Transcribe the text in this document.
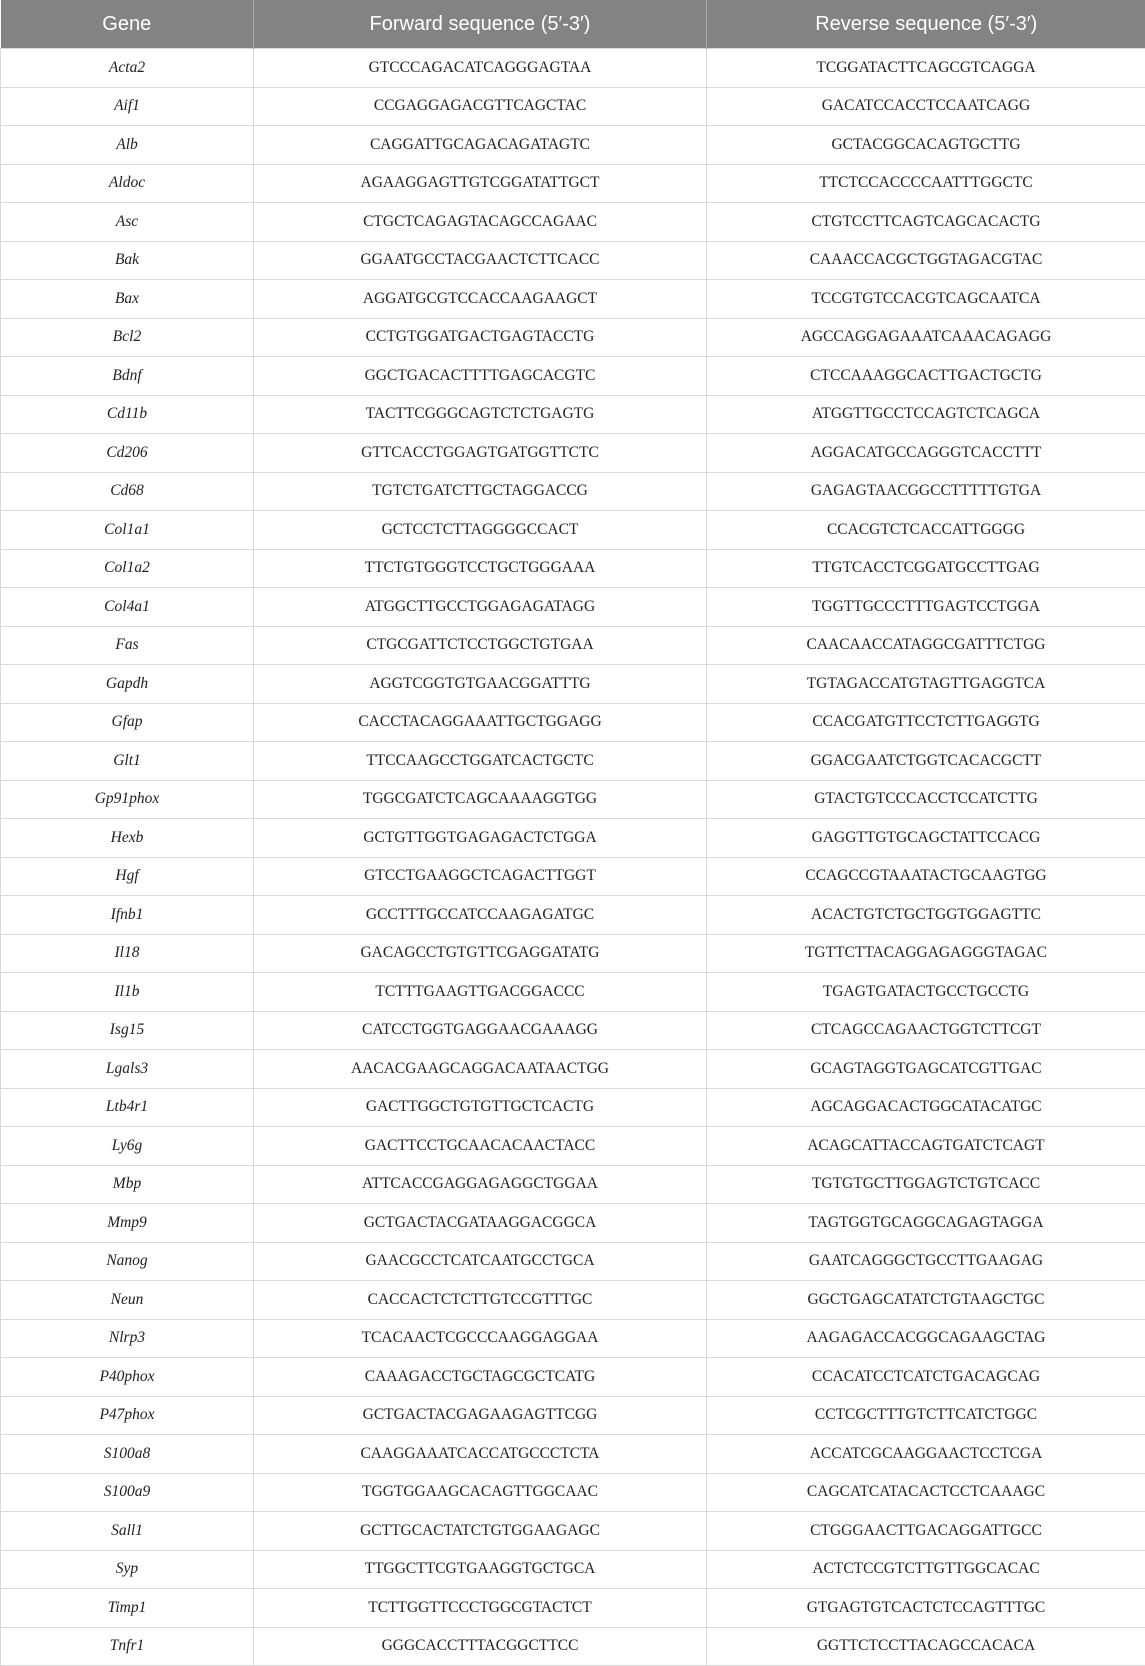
Gene	Forward sequence (5′-3′)	Reverse sequence (5′-3′)
Acta2	GTCCCAGACATCAGGGAGTAA	TCGGATACTTCAGCGTCAGGA
Aif1	CCGAGGAGACGTTCAGCTAC	GACATCCACCTCCAATCAGG
Alb	CAGGATTGCAGACAGATAGTC	GCTACGGCACAGTGCTTG
Aldoc	AGAAGGAGTTGTCGGATATTGCT	TTCTCCACCCCAATTTGGCTC
Asc	CTGCTCAGAGTACAGCCAGAAC	CTGTCCTTCAGTCAGCACACTG
Bak	GGAATGCCTACGAACTCTTCACC	CAAACCACGCTGGTAGACGTAC
Bax	AGGATGCGTCCACCAAGAAGCT	TCCGTGTCCACGTCAGCAATCA
Bcl2	CCTGTGGATGACTGAGTACCTG	AGCCAGGAGAAATCAAACAGAGG
Bdnf	GGCTGACACTTTTGAGCACGTC	CTCCAAAGGCACTTGACTGCTG
Cd11b	TACTTCGGGCAGTCTCTGAGTG	ATGGTTGCCTCCAGTCTCAGCA
Cd206	GTTCACCTGGAGTGATGGTTCTC	AGGACATGCCAGGGTCACCTTT
Cd68	TGTCTGATCTTGCTAGGACCG	GAGAGTAACGGCCTTTTTGTGA
Col1a1	GCTCCTCTTAGGGGCCACT	CCACGTCTCACCATTGGGG
Col1a2	TTCTGTGGGTCCTGCTGGGAAA	TTGTCACCTCGGATGCCTTGAG
Col4a1	ATGGCTTGCCTGGAGAGATAGG	TGGTTGCCCTTTGAGTCCTGGA
Fas	CTGCGATTCTCCTGGCTGTGAA	CAACAACCATAGGCGATTTCTGG
Gapdh	AGGTCGGTGTGAACGGATTTG	TGTAGACCATGTAGTTGAGGTCA
Gfap	CACCTACAGGAAATTGCTGGAGG	CCACGATGTTCCTCTTGAGGTG
Glt1	TTCCAAGCCTGGATCACTGCTC	GGACGAATCTGGTCACACGCTT
Gp91phox	TGGCGATCTCAGCAAAAGGTGG	GTACTGTCCCACCTCCATCTTG
Hexb	GCTGTTGGTGAGAGACTCTGGA	GAGGTTGTGCAGCTATTCCACG
Hgf	GTCCTGAAGGCTCAGACTTGGT	CCAGCCGTAAATACTGCAAGTGG
Ifnb1	GCCTTTGCCATCCAAGAGATGC	ACACTGTCTGCTGGTGGAGTTC
Il18	GACAGCCTGTGTTCGAGGATATG	TGTTCTTACAGGAGAGGGTAGAC
Il1b	TCTTTGAAGTTGACGGACCC	TGAGTGATACTGCCTGCCTG
Isg15	CATCCTGGTGAGGAACGAAAGG	CTCAGCCAGAACTGGTCTTCGT
Lgals3	AACACGAAGCAGGACAATAACTGG	GCAGTAGGTGAGCATCGTTGAC
Ltb4r1	GACTTGGCTGTGTTGCTCACTG	AGCAGGACACTGGCATACATGC
Ly6g	GACTTCCTGCAACACAACTACC	ACAGCATTACCAGTGATCTCAGT
Mbp	ATTCACCGAGGAGAGGCTGGAA	TGTGTGCTTGGAGTCTGTCACC
Mmp9	GCTGACTACGATAAGGACGGCA	TAGTGGTGCAGGCAGAGTAGGA
Nanog	GAACGCCTCATCAATGCCTGCA	GAATCAGGGCTGCCTTGAAGAG
Neun	CACCACTCTCTTGTCCGTTTGC	GGCTGAGCATATCTGTAAGCTGC
Nlrp3	TCACAACTCGCCCAAGGAGGAA	AAGAGACCACGGCAGAAGCTAG
P40phox	CAAAGACCTGCTAGCGCTCATG	CCACATCCTCATCTGACAGCAG
P47phox	GCTGACTACGAGAAGAGTTCGG	CCTCGCTTTGTCTTCATCTGGC
S100a8	CAAGGAAATCACCATGCCCTCTA	ACCATCGCAAGGAACTCCTCGA
S100a9	TGGTGGAAGCACAGTTGGCAAC	CAGCATCATACACTCCTCAAAGC
Sall1	GCTTGCACTATCTGTGGAAGAGC	CTGGGAACTTGACAGGATTGCC
Syp	TTGGCTTCGTGAAGGTGCTGCA	ACTCTCCGTCTTGTTGGCACAC
Timp1	TCTTGGTTCCCTGGCGTACTCT	GTGAGTGTCACTCTCCAGTTTGC
Tnfr1	GGGCACCTTTACGGCTTCC	GGTTCTCCTTACAGCCACACA
